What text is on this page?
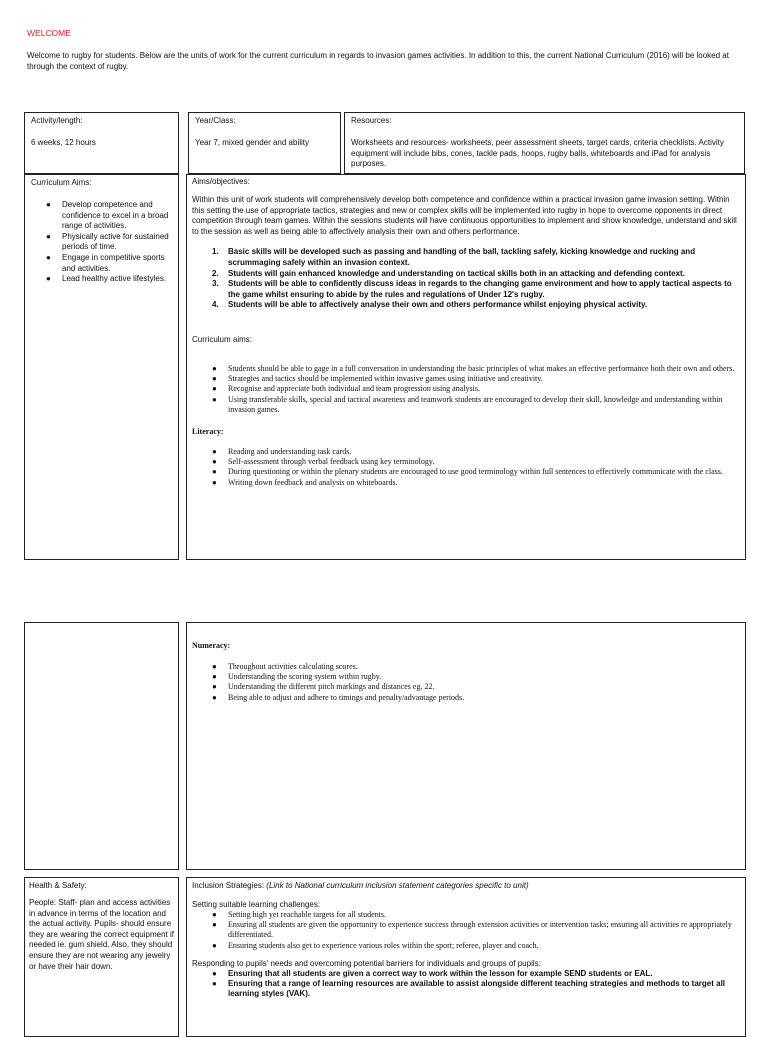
WELCOME
Welcome to rugby for students. Below are the units of work for the current curriculum in regards to invasion games activities. In addition to this, the current National Curriculum (2016) will be looked at through the context of rugby.

Activity/length:

6 weeks, 12 hours

Year/Class:

Year 7, mixed gender and ability

Resources:

Worksheets and resources- worksheets, peer assessment sheets, target cards, criteria checklists. Activity equipment will include bibs, cones, tackle pads, hoops, rugby balls, whiteboards and iPad for analysis purposes.

Curriculum Aims:

● Develop competence and confidence to excel in a broad range of activities.
● Physically active for sustained periods of time.
● Engage in competitive sports and activities.
● Lead healthy active lifestyles.

Aims/objectives:

Within this unit of work students will comprehensively develop both competence and confidence within a practical invasion game invasion setting. Within this setting the use of appropriate tactics, strategies and new or complex skills will be implemented into rugby in hope to overcome opponents in direct competition through team games. Within the sessions students will have continuous opportunities to implement and show knowledge, understand and skill to the session as well as being able to affectively analysis their own and others performance.

1. Basic skills will be developed such as passing and handling of the ball, tackling safely, kicking knowledge and rucking and scrummaging safely within an invasion context.
2. Students will gain enhanced knowledge and understanding on tactical skills both in an attacking and defending context.
3. Students will be able to confidently discuss ideas in regards to the changing game environment and how to apply tactical aspects to the game whilst ensuring to abide by the rules and regulations of Under 12's rugby.
4. Students will be able to affectively analyse their own and others performance whilst enjoying physical activity.

Curriculum aims:

● Students should be able to gage in a full conversation in understanding the basic principles of what makes an effective performance both their own and others.
● Strategies and tactics should be implemented within invasive games using initiative and creativity.
● Recognise and appreciate both individual and team progression using analysis.
● Using transferable skills, special and tactical awareness and teamwork students are encouraged to develop their skill, knowledge and understanding within invasion games.

Literacy:

● Reading and understanding task cards.
● Self-assessment through verbal feedback using key terminology.
● During questioning or within the plenary students are encouraged to use good terminology within full sentences to effectively communicate with the class.
● Writing down feedback and analysis on whiteboards.

Numeracy:

● Throughout activities calculating scores.
● Understanding the scoring system within rugby.
● Understanding the different pitch markings and distances eg. 22.
● Being able to adjust and adhere to timings and penalty/advantage periods.

Health & Safety:

People: Staff- plan and access activities in advance in terms of the location and the actual activity. Pupils- should ensure they are wearing the correct equipment if needed ie. gum shield. Also, they should ensure they are not wearing any jewelry or have their hair down.

Inclusion Strategies: (Link to National curriculum inclusion statement categories specific to unit)

Setting suitable learning challenges:

● Setting high yet reachable targets for all students.
● Ensuring all students are given the opportunity to experience success through extension activities or intervention tasks; ensuring all activities re appropriately differentiated.
● Ensuring students also get to experience various roles within the sport; referee, player and coach.

Responding to pupils' needs and overcoming potential barriers for individuals and groups of pupils:

● Ensuring that all students are given a correct way to work within the lesson for example SEND students or EAL.
● Ensuring that a range of learning resources are available to assist alongside different teaching strategies and methods to target all learning styles (VAK).
